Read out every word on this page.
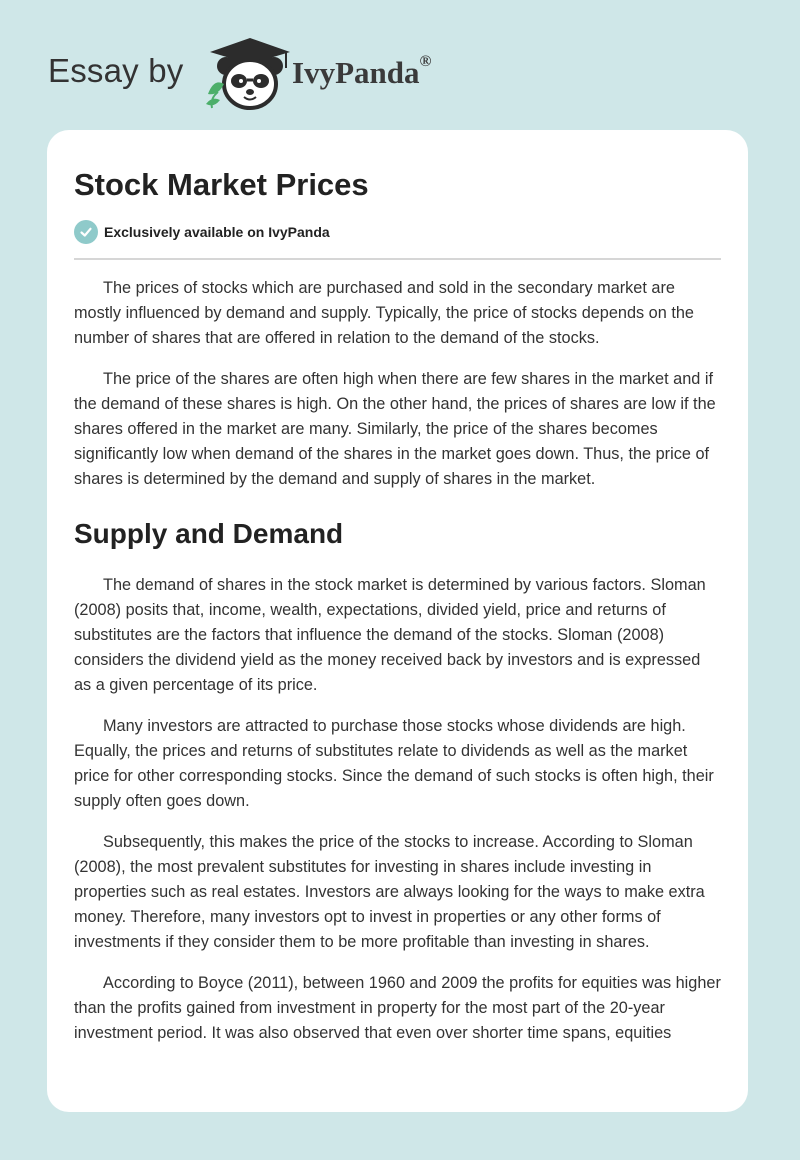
Essay by	IvyPanda®
Stock Market Prices
Exclusively available on IvyPanda

The prices of stocks which are purchased and sold in the secondary market are mostly influenced by demand and supply. Typically, the price of stocks depends on the number of shares that are offered in relation to the demand of the stocks.

The price of the shares are often high when there are few shares in the market and if the demand of these shares is high. On the other hand, the prices of shares are low if the shares offered in the market are many. Similarly, the price of the shares becomes significantly low when demand of the shares in the market goes down. Thus, the price of shares is determined by the demand and supply of shares in the market.

Supply and Demand

The demand of shares in the stock market is determined by various factors. Sloman (2008) posits that, income, wealth, expectations, divided yield, price and returns of substitutes are the factors that influence the demand of the stocks. Sloman (2008) considers the dividend yield as the money received back by investors and is expressed as a given percentage of its price.

Many investors are attracted to purchase those stocks whose dividends are high. Equally, the prices and returns of substitutes relate to dividends as well as the market price for other corresponding stocks. Since the demand of such stocks is often high, their supply often goes down.

Subsequently, this makes the price of the stocks to increase. According to Sloman (2008), the most prevalent substitutes for investing in shares include investing in properties such as real estates. Investors are always looking for the ways to make extra money. Therefore, many investors opt to invest in properties or any other forms of investments if they consider them to be more profitable than investing in shares.

According to Boyce (2011), between 1960 and 2009 the profits for equities was higher than the profits gained from investment in property for the most part of the 20-year investment period. It was also observed that even over shorter time spans, equities
